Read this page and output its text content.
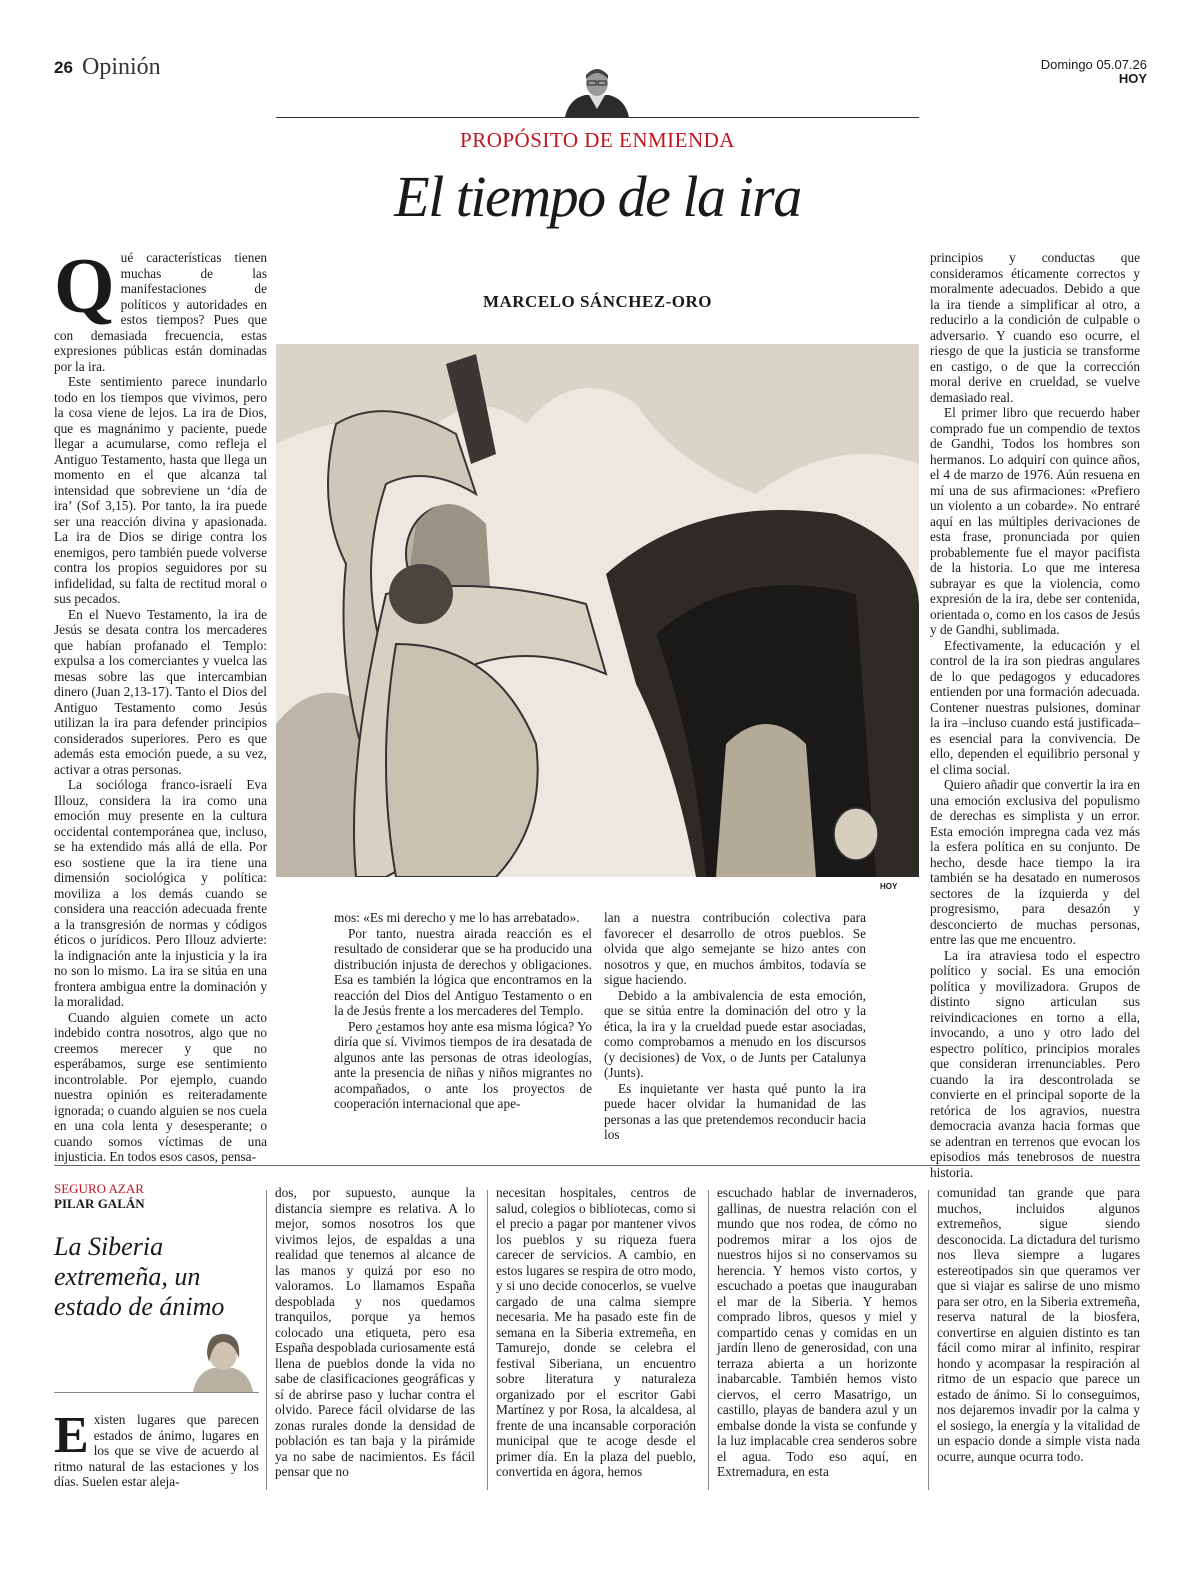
26 Opinión	Domingo 05.07.26
HOY
PROPÓSITO DE ENMIENDA
El tiempo de la ira
MARCELO SÁNCHEZ-ORO
HOY

Qué características tienen muchas de las manifestaciones de políticos y autoridades en estos tiempos? Pues que con demasiada frecuencia, estas expresiones públicas están dominadas por la ira.

Este sentimiento parece inundarlo todo en los tiempos que vivimos, pero la cosa viene de lejos. La ira de Dios, que es magnánimo y paciente, puede llegar a acumularse, como refleja el Antiguo Testamento, hasta que llega un momento en el que alcanza tal intensidad que sobreviene un ‘día de ira’ (Sof 3,15). Por tanto, la ira puede ser una reacción divina y apasionada. La ira de Dios se dirige contra los enemigos, pero también puede volverse contra los propios seguidores por su infidelidad, su falta de rectitud moral o sus pecados.

En el Nuevo Testamento, la ira de Jesús se desata contra los mercaderes que habían profanado el Templo: expulsa a los comerciantes y vuelca las mesas sobre las que intercambian dinero (Juan 2,13-17). Tanto el Dios del Antiguo Testamento como Jesús utilizan la ira para defender principios considerados superiores. Pero es que además esta emoción puede, a su vez, activar a otras personas.

La socióloga franco-israelí Eva Illouz, considera la ira como una emoción muy presente en la cultura occidental contemporánea que, incluso, se ha extendido más allá de ella. Por eso sostiene que la ira tiene una dimensión sociológica y política: moviliza a los demás cuando se considera una reacción adecuada frente a la transgresión de normas y códigos éticos o jurídicos. Pero Illouz advierte: la indignación ante la injusticia y la ira no son lo mismo. La ira se sitúa en una frontera ambigua entre la dominación y la moralidad.

Cuando alguien comete un acto indebido contra nosotros, algo que no creemos merecer y que no esperábamos, surge ese sentimiento incontrolable. Por ejemplo, cuando nuestra opinión es reiteradamente ignorada; o cuando alguien se nos cuela en una cola lenta y desesperante; o cuando somos víctimas de una injusticia. En todos esos casos, pensa-

mos: «Es mi derecho y me lo has arrebatado».

Por tanto, nuestra airada reacción es el resultado de considerar que se ha producido una distribución injusta de derechos y obligaciones. Esa es también la lógica que encontramos en la reacción del Dios del Antiguo Testamento o en la de Jesús frente a los mercaderes del Templo.

Pero ¿estamos hoy ante esa misma lógica? Yo diría que sí. Vivimos tiempos de ira desatada de algunos ante las personas de otras ideologías, ante la presencia de niñas y niños migrantes no acompañados, o ante los proyectos de cooperación internacional que ape-

lan a nuestra contribución colectiva para favorecer el desarrollo de otros pueblos. Se olvida que algo semejante se hizo antes con nosotros y que, en muchos ámbitos, todavía se sigue haciendo.

Debido a la ambivalencia de esta emoción, que se sitúa entre la dominación del otro y la ética, la ira y la crueldad puede estar asociadas, como comprobamos a menudo en los discursos (y decisiones) de Vox, o de Junts per Catalunya (Junts).

Es inquietante ver hasta qué punto la ira puede hacer olvidar la humanidad de las personas a las que pretendemos reconducir hacia los

principios y conductas que consideramos éticamente correctos y moralmente adecuados. Debido a que la ira tiende a simplificar al otro, a reducirlo a la condición de culpable o adversario. Y cuando eso ocurre, el riesgo de que la justicia se transforme en castigo, o de que la corrección moral derive en crueldad, se vuelve demasiado real.

El primer libro que recuerdo haber comprado fue un compendio de textos de Gandhi, Todos los hombres son hermanos. Lo adquirí con quince años, el 4 de marzo de 1976. Aún resuena en mí una de sus afirmaciones: «Prefiero un violento a un cobarde». No entraré aquí en las múltiples derivaciones de esta frase, pronunciada por quien probablemente fue el mayor pacifista de la historia. Lo que me interesa subrayar es que la violencia, como expresión de la ira, debe ser contenida, orientada o, como en los casos de Jesús y de Gandhi, sublimada.

Efectivamente, la educación y el control de la ira son piedras angulares de lo que pedagogos y educadores entienden por una formación adecuada. Contener nuestras pulsiones, dominar la ira –incluso cuando está justificada– es esencial para la convivencia. De ello, dependen el equilibrio personal y el clima social.

Quiero añadir que convertir la ira en una emoción exclusiva del populismo de derechas es simplista y un error. Esta emoción impregna cada vez más la esfera política en su conjunto. De hecho, desde hace tiempo la ira también se ha desatado en numerosos sectores de la izquierda y del progresismo, para desazón y desconcierto de muchas personas, entre las que me encuentro.

La ira atraviesa todo el espectro político y social. Es una emoción política y movilizadora. Grupos de distinto signo articulan sus reivindicaciones en torno a ella, invocando, a uno y otro lado del espectro político, principios morales que consideran irrenunciables. Pero cuando la ira descontrolada se convierte en el principal soporte de la retórica de los agravios, nuestra democracia avanza hacia formas que se adentran en terrenos que evocan los episodios más tenebrosos de nuestra historia.

SEGURO AZAR
PILAR GALÁN
La Siberia extremeña, un estado de ánimo

Existen lugares que parecen estados de ánimo, lugares en los que se vive de acuerdo al ritmo natural de las estaciones y los días. Suelen estar aleja-

dos, por supuesto, aunque la distancia siempre es relativa. A lo mejor, somos nosotros los que vivimos lejos, de espaldas a una realidad que tenemos al alcance de las manos y quizá por eso no valoramos. Lo llamamos España despoblada y nos quedamos tranquilos, porque ya hemos colocado una etiqueta, pero esa España despoblada curiosamente está llena de pueblos donde la vida no sabe de clasificaciones geográficas y sí de abrirse paso y luchar contra el olvido. Parece fácil olvidarse de las zonas rurales donde la densidad de población es tan baja y la pirámide ya no sabe de nacimientos. Es fácil pensar que no

necesitan hospitales, centros de salud, colegios o bibliotecas, como si el precio a pagar por mantener vivos los pueblos y su riqueza fuera carecer de servicios. A cambio, en estos lugares se respira de otro modo, y si uno decide conocerlos, se vuelve cargado de una calma siempre necesaria. Me ha pasado este fin de semana en la Siberia extremeña, en Tamurejo, donde se celebra el festival Siberiana, un encuentro sobre literatura y naturaleza organizado por el escritor Gabi Martínez y por Rosa, la alcaldesa, al frente de una incansable corporación municipal que te acoge desde el primer día. En la plaza del pueblo, convertida en ágora, hemos

escuchado hablar de invernaderos, gallinas, de nuestra relación con el mundo que nos rodea, de cómo no podremos mirar a los ojos de nuestros hijos si no conservamos su herencia. Y hemos visto cortos, y escuchado a poetas que inauguraban el mar de la Siberia. Y hemos comprado libros, quesos y miel y compartido cenas y comidas en un jardín lleno de generosidad, con una terraza abierta a un horizonte inabarcable. También hemos visto ciervos, el cerro Masatrigo, un castillo, playas de bandera azul y un embalse donde la vista se confunde y la luz implacable crea senderos sobre el agua. Todo eso aquí, en Extremadura, en esta

comunidad tan grande que para muchos, incluidos algunos extremeños, sigue siendo desconocida. La dictadura del turismo nos lleva siempre a lugares estereotipados sin que queramos ver que si viajar es salirse de uno mismo para ser otro, en la Siberia extremeña, reserva natural de la biosfera, convertirse en alguien distinto es tan fácil como mirar al infinito, respirar hondo y acompasar la respiración al ritmo de un espacio que parece un estado de ánimo. Si lo conseguimos, nos dejaremos invadir por la calma y el sosiego, la energía y la vitalidad de un espacio donde a simple vista nada ocurre, aunque ocurra todo.
